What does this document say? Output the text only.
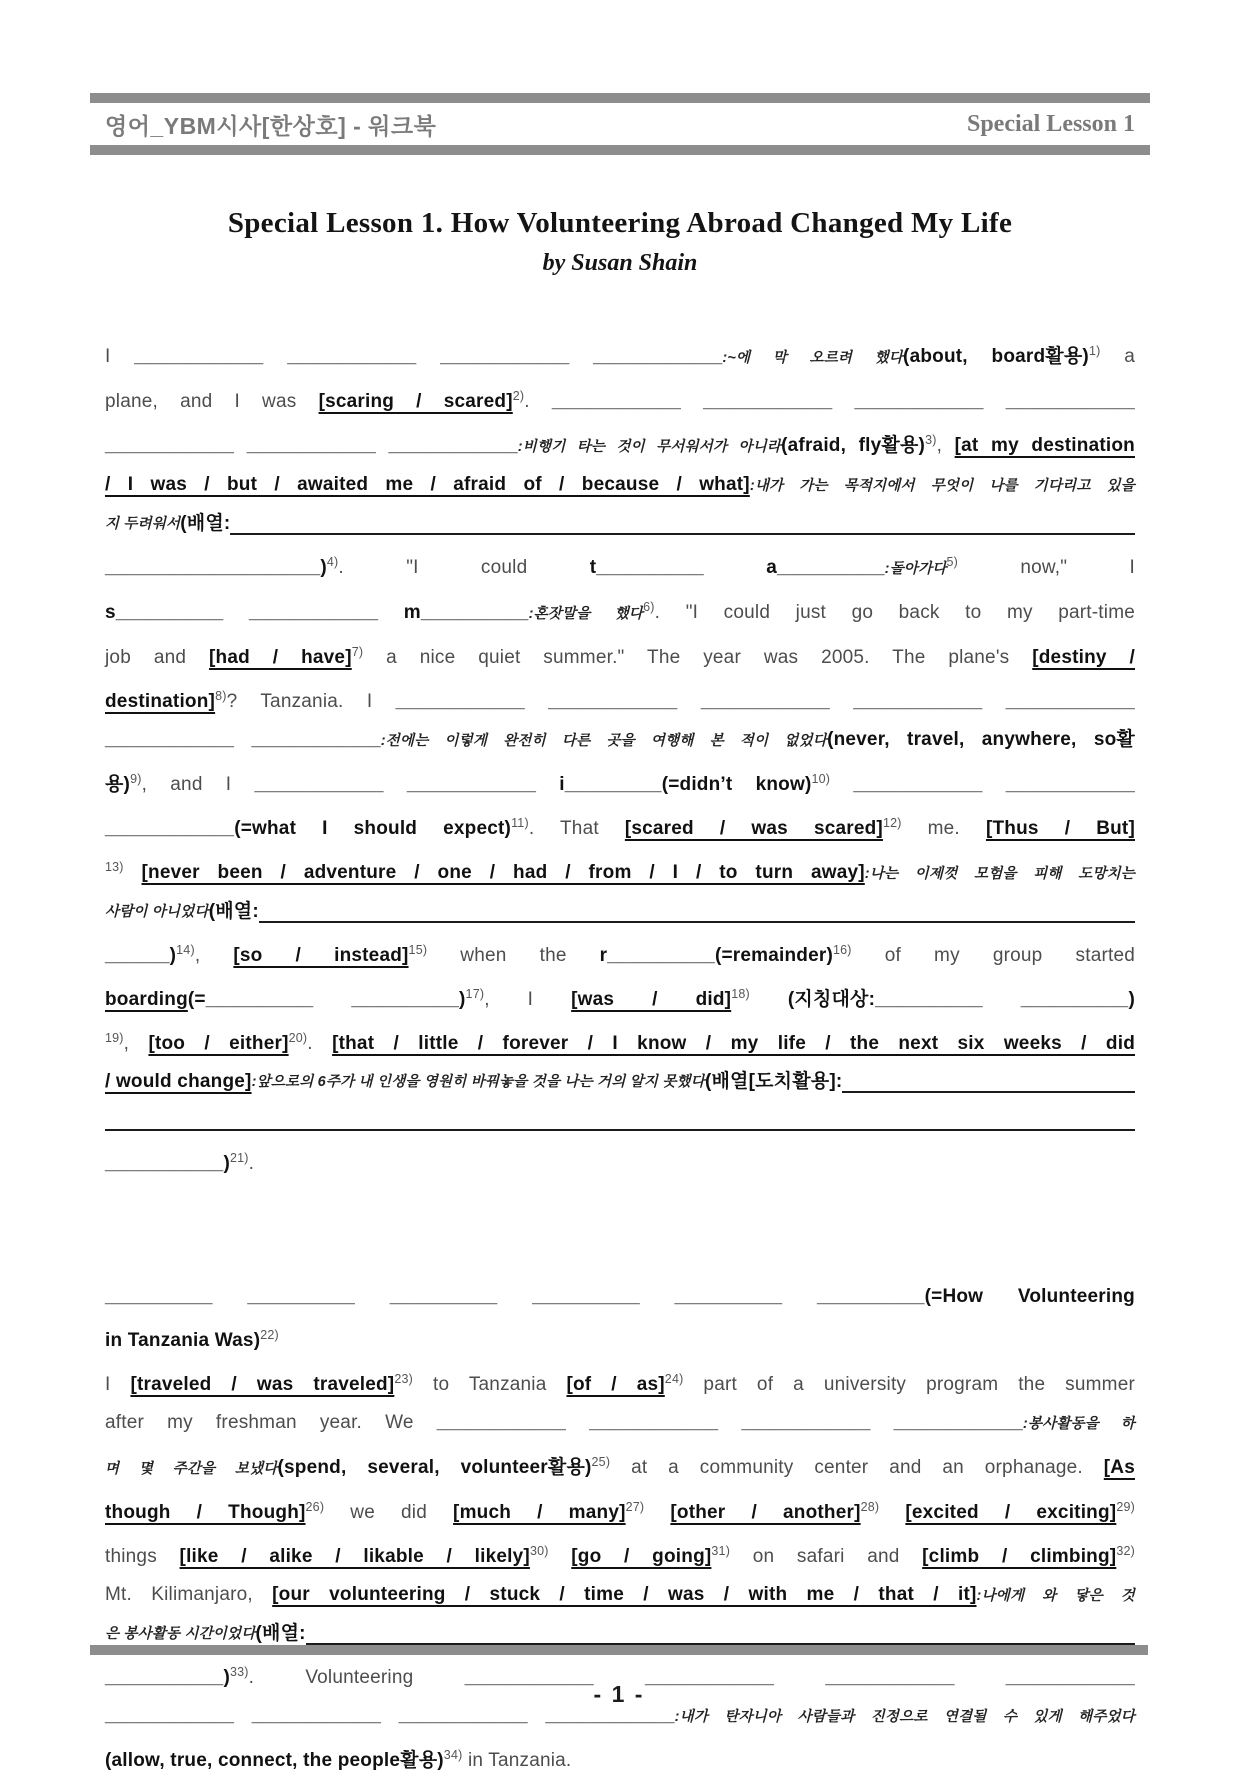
영어_YBM시사[한상호] - 워크북	Special Lesson 1
Special Lesson 1. How Volunteering Abroad Changed My Life
by Susan Shain
I ____________ ____________ ____________ ____________:~에 막 오르려 했다(about, board활용)$^{1)}$ a
plane, and I was [scaring / scared]$^{2)}$. ____________ ____________ ____________ ____________
____________ ____________ ____________:비행기 타는 것이 무서워서가 아니라(afraid, fly활용)$^{3)}$, [at my destination
/ I was / but / awaited me / afraid of / because / what]:내가 가는 목적지에서 무엇이 나를 기다리고 있을
지 두려워서 (배열:
____________________)$^{4)}$. "I could t__________	a__________:돌아가다$^{5)}$ now," I
s__________ ____________ m__________:혼잣말을 했다$^{6)}$. "I could just go back to my part-time
job and [had / have]$^{7)}$ a nice quiet summer." The year was 2005. The plane's [destiny /
destination]$^{8)}$? Tanzania. I ____________ ____________ ____________ ____________ ____________
____________ ____________:전에는 이렇게 완전히 다른 곳을 여행해 본 적이 없었다(never, travel, anywhere, so활
용)$^{9)}$, and I ____________ ____________ i_________(=didn’t know)$^{10)}$ ____________ ____________
____________(=what I should expect)$^{11)}$. That [scared / was scared]$^{12)}$ me. [Thus / But]
$^{13)}$ [never been / adventure / one / had / from / I / to turn away]:나는 이제껏 모험을 피해 도망치는
사람이 아니었다 (배열:
______)$^{14)}$, [so / instead]$^{15)}$ when the r__________(=remainder)$^{16)}$ of my group started
boarding(=__________ __________)$^{17)}$, I [was / did]$^{18)}$ (지칭대상:__________ __________)
$^{19)}$, [too / either]$^{20)}$. [that / little / forever / I know / my life / the next six weeks / did
/ would change] :앞으로의 6주가 내 인생을 영원히 바꿔놓을 것을 나는 거의 알지 못했다 (배열[도치활용]:
___________)$^{21)}$.
__________ __________ __________ __________ __________ __________(=How Volunteering
in Tanzania Was)$^{22)}$
I [traveled / was traveled]$^{23)}$ to Tanzania [of / as]$^{24)}$ part of a university program the summer
after my freshman year. We ____________ ____________ ____________ ____________:봉사활동을 하
며 몇 주간을 보냈다(spend, several, volunteer활용)$^{25)}$ at a community center and an orphanage. [As
though / Though]$^{26)}$ we did [much / many]$^{27)}$ [other / another]$^{28)}$ [excited / exciting]$^{29)}$
things [like / alike / likable / likely]$^{30)}$ [go / going]$^{31)}$ on safari and [climb / climbing]$^{32)}$
Mt. Kilimanjaro, [our volunteering / stuck / time / was / with me / that / it]:나에게 와 닿은 것
은 봉사활동 시간이었다 (배열:
___________)$^{33)}$. Volunteering ____________ ____________ ____________ ____________
____________ ____________ ____________ ____________:내가 탄자니아 사람들과 진정으로 연결될 수 있게 해주었다
(allow, true, connect, the people활용)$^{34)}$ in Tanzania.
- 1 -
